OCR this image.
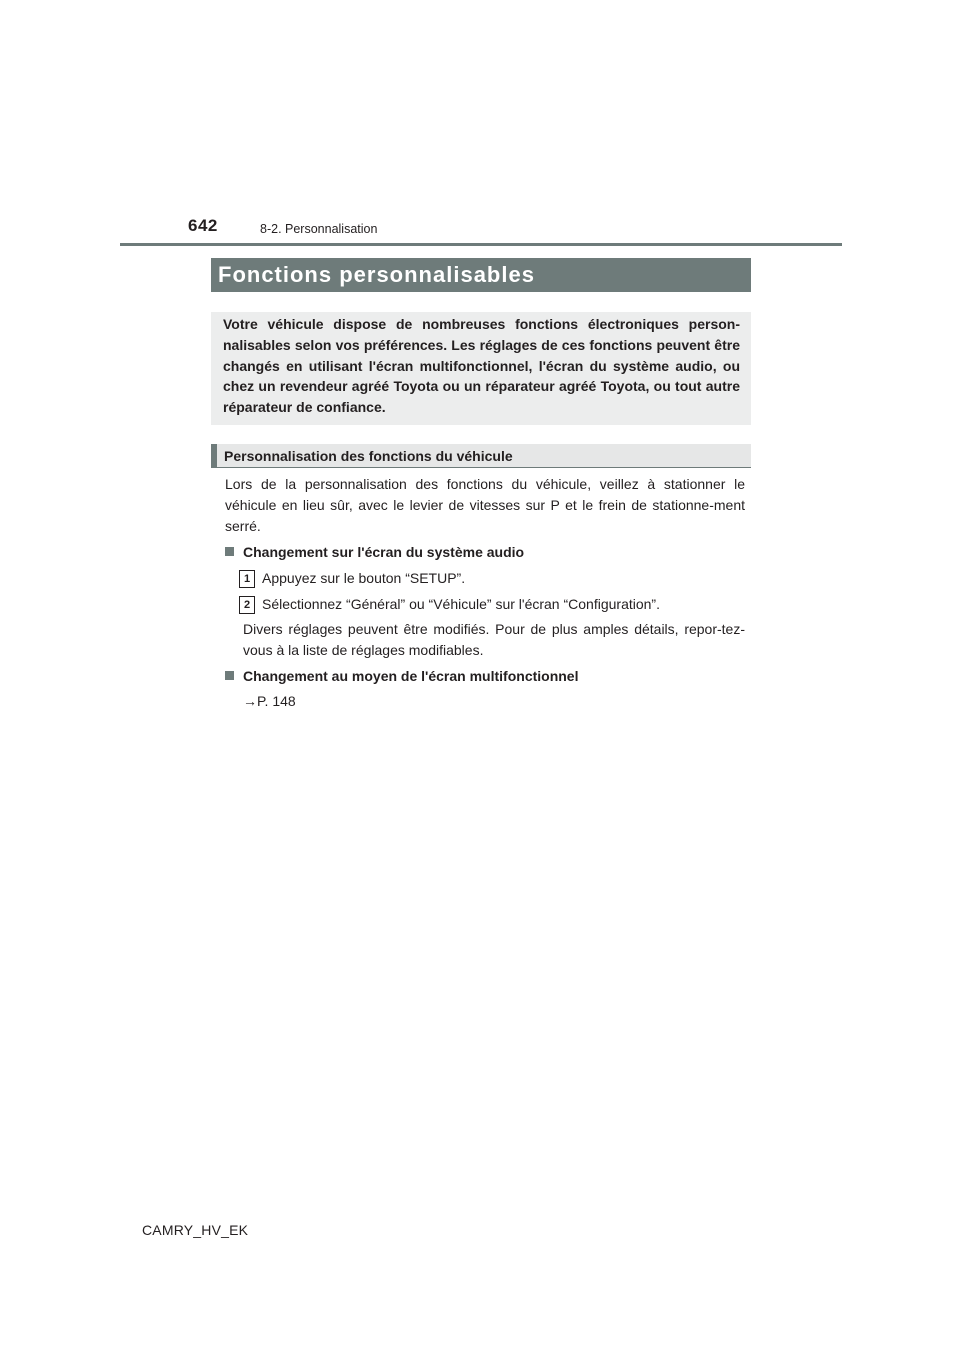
642	8-2. Personnalisation
Fonctions personnalisables

Votre véhicule dispose de nombreuses fonctions électroniques person-nalisables selon vos préférences. Les réglages de ces fonctions peuvent être changés en utilisant l'écran multifonctionnel, l'écran du système audio, ou chez un revendeur agréé Toyota ou un réparateur agréé Toyota, ou tout autre réparateur de confiance.

Personnalisation des fonctions du véhicule

Lors de la personnalisation des fonctions du véhicule, veillez à stationner le véhicule en lieu sûr, avec le levier de vitesses sur P et le frein de stationne-ment serré.

Changement sur l'écran du système audio
1 Appuyez sur le bouton “SETUP”.
2 Sélectionnez “Général” ou “Véhicule” sur l'écran “Configuration”.

Divers réglages peuvent être modifiés. Pour de plus amples détails, repor-tez-vous à la liste de réglages modifiables.

Changement au moyen de l'écran multifonctionnel
→P. 148
CAMRY_HV_EK
